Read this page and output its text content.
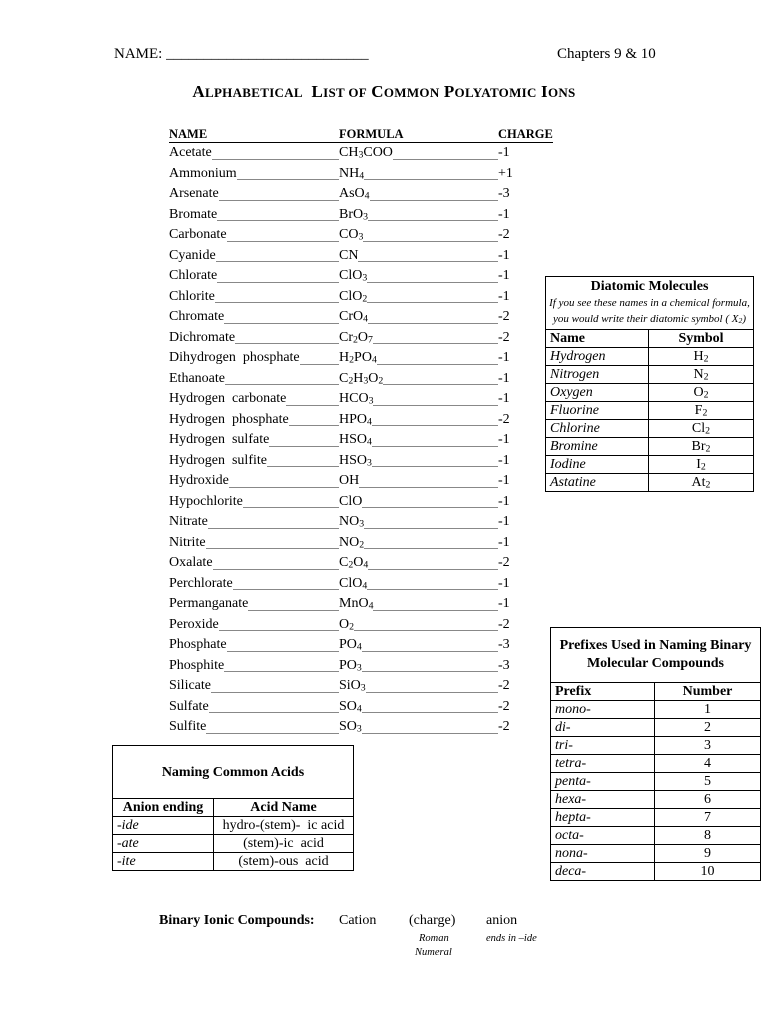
NAME: ___________________________	Chapters 9 & 10
ALPHABETICAL LIST OF COMMON POLYATOMIC IONS
NAME	FORMULA	CHARGE
Acetate	$CH_3COO$	-1
Ammonium	$NH_4$	+1
Arsenate	AsO$_4$	-3
Bromate	BrO$_3$	-1
Carbonate	$CO_3$	-2
Cyanide	CN	-1
Chlorate	ClO$_3$	-1
Chlorite	ClO$_2$	-1
Chromate	CrO$_4$	-2
Dichromate	$Cr_2O_7$	-2
Dihydrogen  phosphate	$H_2PO_4$	-1
Ethanoate	$C_2H_3O_2$	-1
Hydrogen  carbonate	$HCO_3$	-1
Hydrogen  phosphate	$HPO_4$	-2
Hydrogen  sulfate	$HSO_4$	-1
Hydrogen  sulfite	$HSO_3$	-1
Hydroxide	OH	-1
Hypochlorite	ClO	-1
Nitrate	$NO_3$	-1
Nitrite	$NO_2$	-1
Oxalate	$C_2O_4$	-2
Perchlorate	ClO$_4$	-1
Permanganate	MnO$_4$	-1
Peroxide	$O_2$	-2
Phosphate	$PO_4$	-3
Phosphite	$PO_3$	-3
Silicate	SiO$_3$	-2
Sulfate	$SO_4$	-2
Sulfite	$SO_3$	-2
Diatomic Molecules
If you see these names in a chemical formula, you would write their diatomic symbol ( $X_2$)	

Name	Symbol
Hydrogen	$H_2$
Nitrogen	$N_2$
Oxygen	$O_2$
Fluorine	$F_2$
Chlorine	$Cl_2$
Bromine	$Br_2$
Iodine	$I_2$
Astatine	$At_2$
Prefixes Used in Naming Binary Molecular Compounds	
Prefix	Number
mono-	1
di-	2
tri-	3
tetra-	4
penta-	5
hexa-	6
hepta-	7
octa-	8
nona-	9
deca-	10
Naming Common Acids	
Anion ending	Acid Name
-ide	hydro-(stem)-  ic acid
-ate	(stem)-ic  acid
-ite	(stem)-ous  acid
Binary Ionic Compounds: Cation (charge) anion
Roman
Numeral
ends in –ide
